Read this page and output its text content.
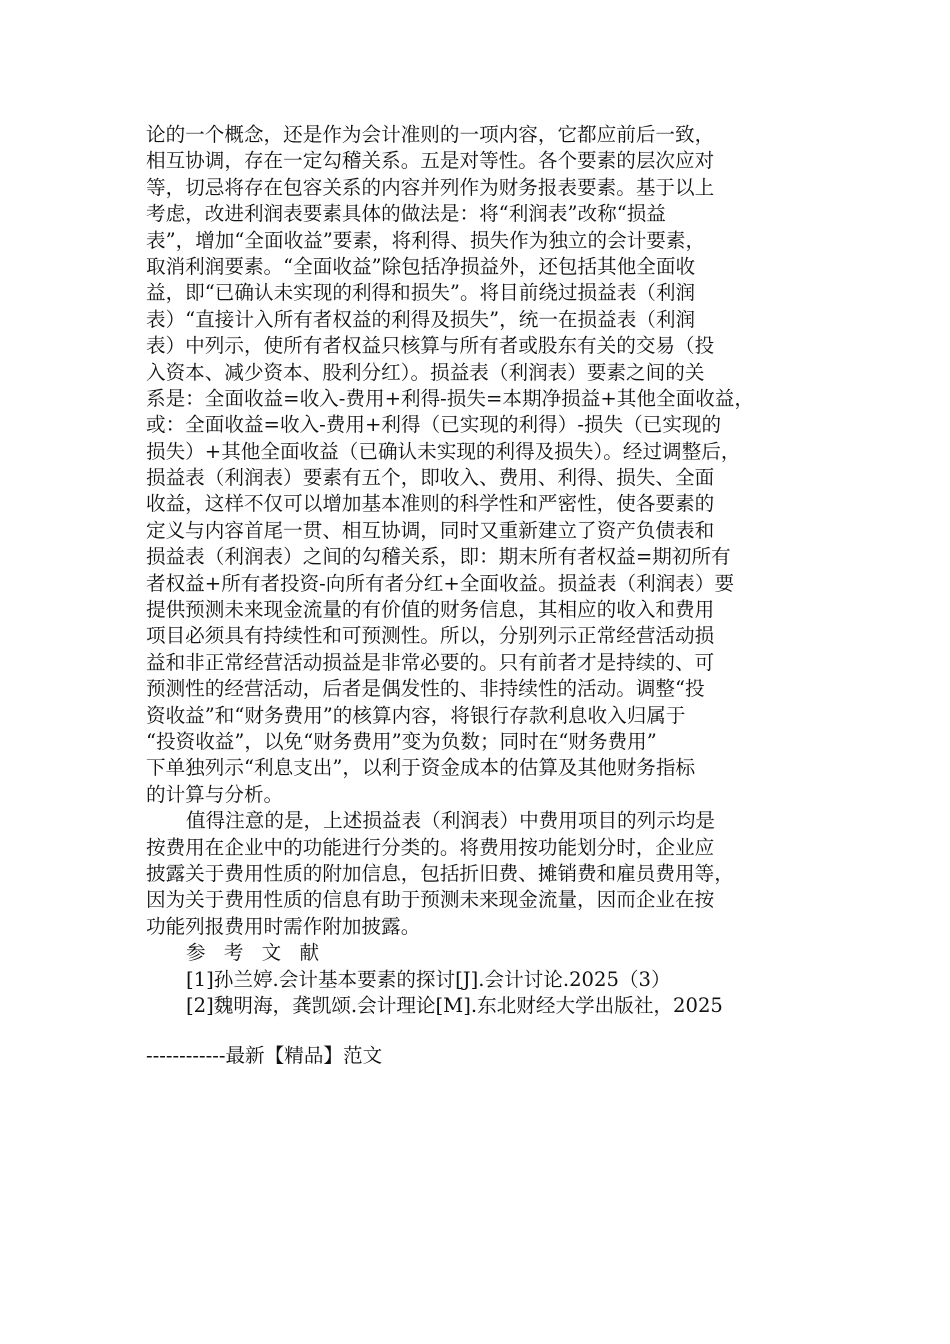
论的一个概念，还是作为会计准则的一项内容，它都应前后一致，
相互协调，存在一定勾稽关系。五是对等性。各个要素的层次应对
等，切忌将存在包容关系的内容并列作为财务报表要素。基于以上
考虑，改进利润表要素具体的做法是：将“利润表”改称“损益
表”，增加“全面收益”要素，将利得、损失作为独立的会计要素，
取消利润要素。“全面收益”除包括净损益外，还包括其他全面收
益，即“已确认未实现的利得和损失”。将目前绕过损益表（利润
表）“直接计入所有者权益的利得及损失”，统一在损益表（利润
表）中列示，使所有者权益只核算与所有者或股东有关的交易（投
入资本、减少资本、股利分红）。损益表（利润表）要素之间的关
系是：全面收益=收入-费用+利得-损失=本期净损益+其他全面收益，
或：全面收益=收入-费用+利得（已实现的利得）-损失（已实现的
损失）+其他全面收益（已确认未实现的利得及损失）。经过调整后，
损益表（利润表）要素有五个，即收入、费用、利得、损失、全面
收益，这样不仅可以增加基本准则的科学性和严密性，使各要素的
定义与内容首尾一贯、相互协调，同时又重新建立了资产负债表和
损益表（利润表）之间的勾稽关系，即：期末所有者权益=期初所有
者权益+所有者投资-向所有者分红+全面收益。损益表（利润表）要
提供预测未来现金流量的有价值的财务信息，其相应的收入和费用
项目必须具有持续性和可预测性。所以，分别列示正常经营活动损
益和非正常经营活动损益是非常必要的。只有前者才是持续的、可
预测性的经营活动，后者是偶发性的、非持续性的活动。调整“投
资收益”和“财务费用”的核算内容，将银行存款利息收入归属于
“投资收益”，以免“财务费用”变为负数；同时在“财务费用”
下单独列示“利息支出”，以利于资金成本的估算及其他财务指标
的计算与分析。
值得注意的是，上述损益表（利润表）中费用项目的列示均是
按费用在企业中的功能进行分类的。将费用按功能划分时，企业应
披露关于费用性质的附加信息，包括折旧费、摊销费和雇员费用等，
因为关于费用性质的信息有助于预测未来现金流量，因而企业在按
功能列报费用时需作附加披露。
参 考 文 献
[1]孙兰婷.会计基本要素的探讨[J].会计讨论.2025（3）
[2]魏明海，龚凯颂.会计理论[M].东北财经大学出版社，2025
------------最新【精品】范文
